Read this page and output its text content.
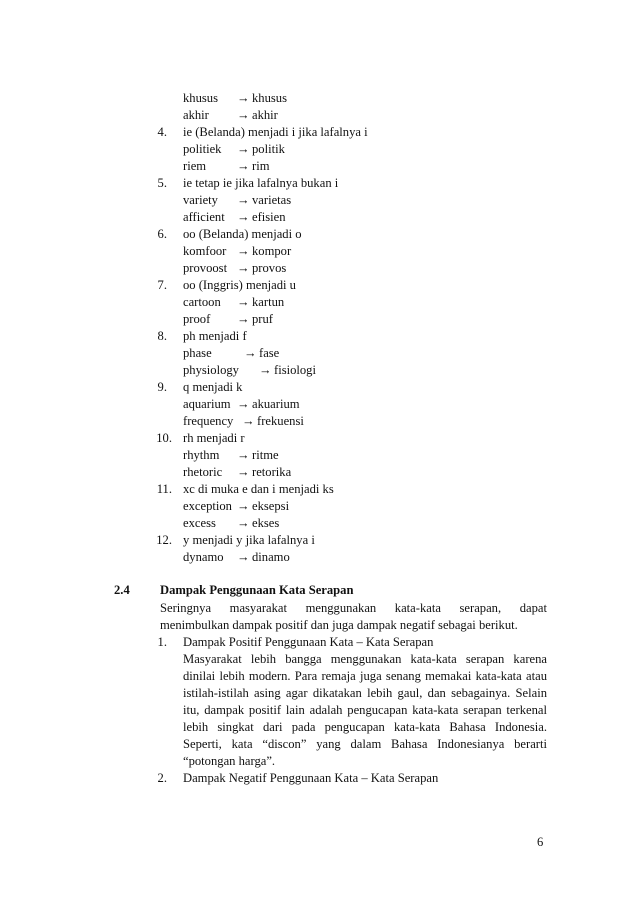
khusus → khusus
akhir → akhir
4. ie (Belanda) menjadi i jika lafalnya i
politiek → politik
riem → rim
5. ie tetap ie jika lafalnya bukan i
variety → varietas
afficient → efisien
6. oo (Belanda) menjadi o
komfoor → kompor
provoost → provos
7. oo (Inggris) menjadi u
cartoon → kartun
proof → pruf
8. ph menjadi f
phase	→ fase
physiology → fisiologi
9. q menjadi k
aquarium → akuarium
frequency → frekuensi
10. rh menjadi r
rhythm → ritme
rhetoric → retorika
11. xc di muka e dan i menjadi ks
exception → eksepsi
excess → ekses
12. y menjadi y jika lafalnya i
dynamo → dinamo
2.4 Dampak Penggunaan Kata Serapan
Seringnya masyarakat menggunakan kata-kata serapan, dapat
menimbulkan dampak positif dan juga dampak negatif sebagai berikut.
1. Dampak Positif Penggunaan Kata – Kata Serapan
Masyarakat lebih bangga menggunakan kata-kata serapan karena
dinilai lebih modern. Para remaja juga senang memakai kata-kata atau
istilah-istilah asing agar dikatakan lebih gaul, dan sebagainya. Selain
itu, dampak positif lain adalah pengucapan kata-kata serapan terkenal
lebih singkat dari pada pengucapan kata-kata Bahasa Indonesia.
Seperti, kata “discon” yang dalam Bahasa Indonesianya berarti
“potongan harga”.
2. Dampak Negatif Penggunaan Kata – Kata Serapan
6
